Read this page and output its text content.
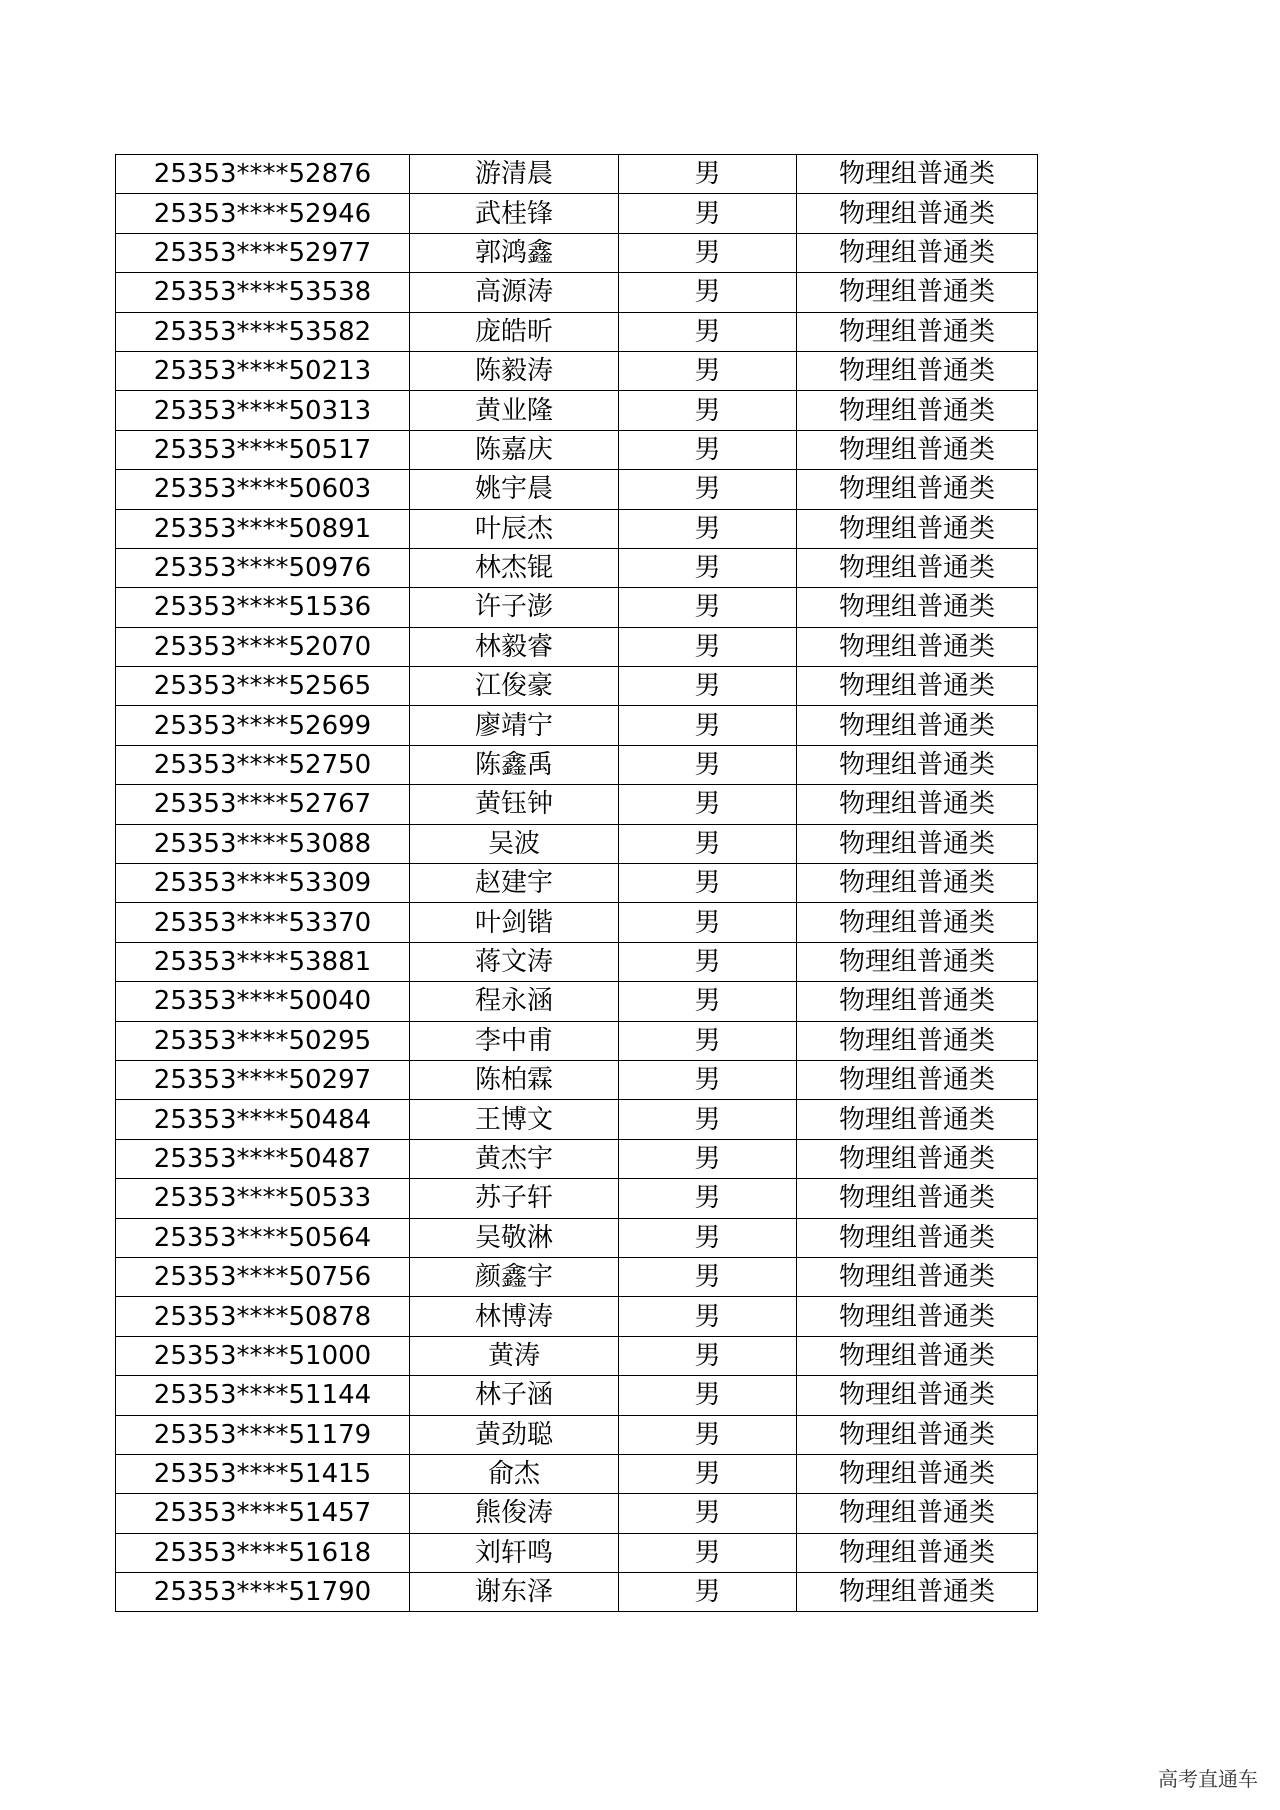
25353****52876	游清晨	男	物理组普通类
25353****52946	武桂锋	男	物理组普通类
25353****52977	郭鸿鑫	男	物理组普通类
25353****53538	高源涛	男	物理组普通类
25353****53582	庞皓昕	男	物理组普通类
25353****50213	陈毅涛	男	物理组普通类
25353****50313	黄业隆	男	物理组普通类
25353****50517	陈嘉庆	男	物理组普通类
25353****50603	姚宇晨	男	物理组普通类
25353****50891	叶辰杰	男	物理组普通类
25353****50976	林杰锟	男	物理组普通类
25353****51536	许子澎	男	物理组普通类
25353****52070	林毅睿	男	物理组普通类
25353****52565	江俊豪	男	物理组普通类
25353****52699	廖靖宁	男	物理组普通类
25353****52750	陈鑫禹	男	物理组普通类
25353****52767	黄钰钟	男	物理组普通类
25353****53088	吴波	男	物理组普通类
25353****53309	赵建宇	男	物理组普通类
25353****53370	叶剑锴	男	物理组普通类
25353****53881	蒋文涛	男	物理组普通类
25353****50040	程永涵	男	物理组普通类
25353****50295	李中甫	男	物理组普通类
25353****50297	陈柏霖	男	物理组普通类
25353****50484	王博文	男	物理组普通类
25353****50487	黄杰宇	男	物理组普通类
25353****50533	苏子轩	男	物理组普通类
25353****50564	吴敬淋	男	物理组普通类
25353****50756	颜鑫宇	男	物理组普通类
25353****50878	林博涛	男	物理组普通类
25353****51000	黄涛	男	物理组普通类
25353****51144	林子涵	男	物理组普通类
25353****51179	黄劲聪	男	物理组普通类
25353****51415	俞杰	男	物理组普通类
25353****51457	熊俊涛	男	物理组普通类
25353****51618	刘轩鸣	男	物理组普通类
25353****51790	谢东泽	男	物理组普通类
高考直通车
